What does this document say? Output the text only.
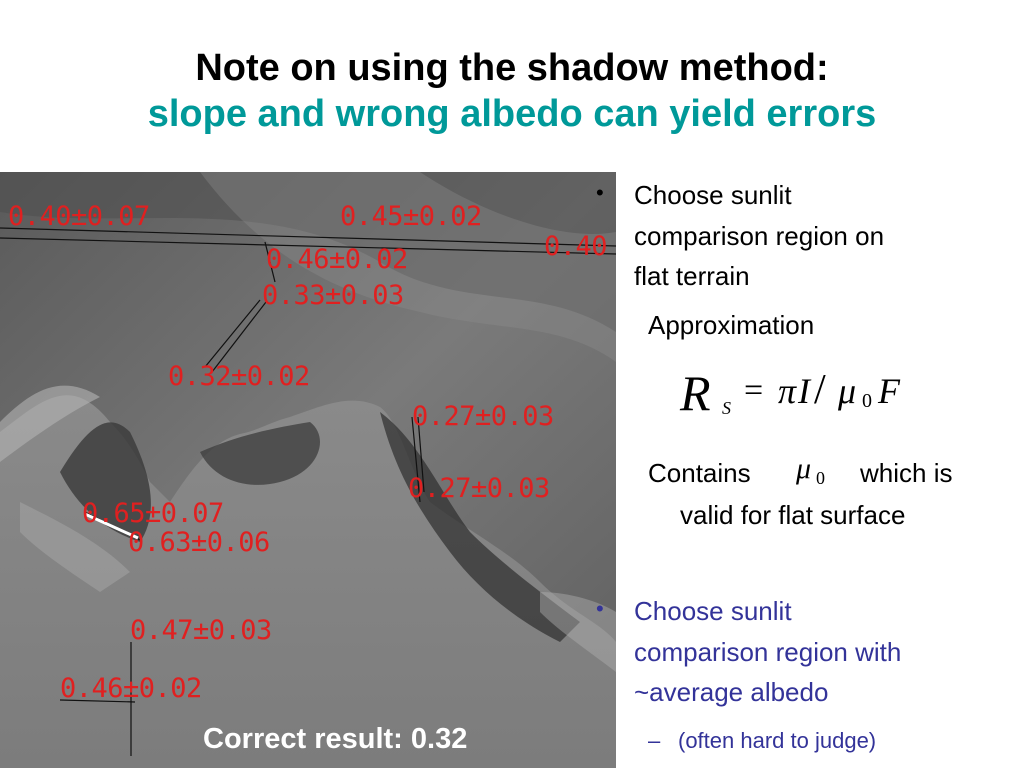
Note on using the shadow method:
slope and wrong albedo can yield errors
0.40±0.07	0.45±0.02
0.40
0.46±0.02
0.33±0.03
0.32±0.02
0.27±0.03
0.27±0.03
0.65±0.07
0.63±0.06
0.47±0.03
0.46±0.02
Correct result: 0.32
• Choose sunlit
comparison region on
flat terrain
Approximation
R S = π I / μ 0 F
Contains μ 0 which is
valid for flat surface
• Choose sunlit
comparison region with
~average albedo
– (often hard to judge)
